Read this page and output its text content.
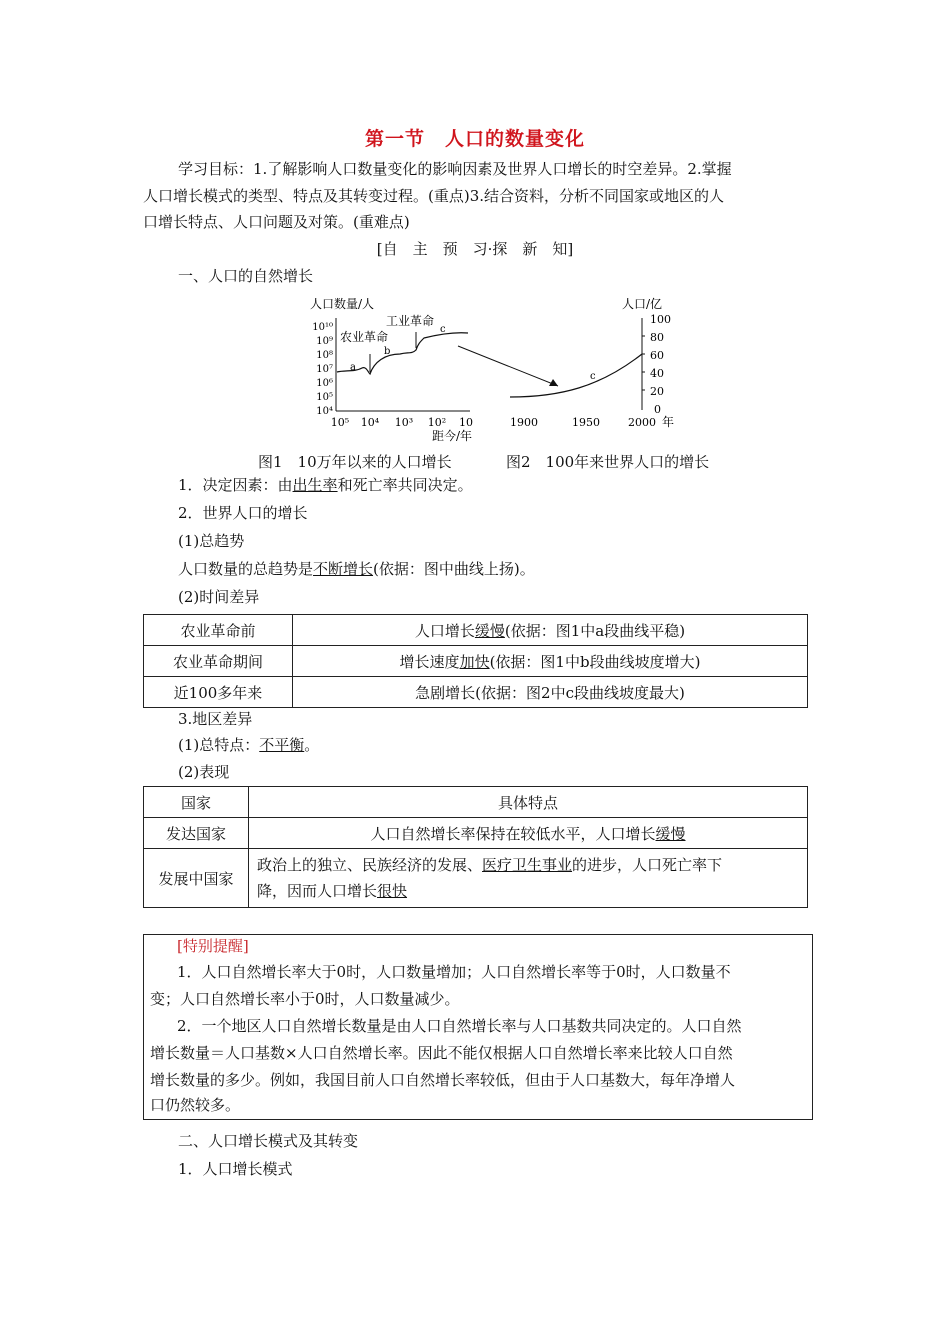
第一节　人口的数量变化
学习目标：1.了解影响人口数量变化的影响因素及世界人口增长的时空差异。2.掌握
人口增长模式的类型、特点及其转变过程。(重点)3.结合资料，分析不同国家或地区的人
口增长特点、人口问题及对策。(重难点)
[自　主　预　习·探　新　知]
一、人口的自然增长
人口数量/人
10¹⁰
10⁹
10⁸
10⁷
10⁶
10⁵
10⁴
10⁵ 10⁴ 10³ 10² 10
距今/年
农业革命
工业革命
a
b
c
人口/亿
100
80
60
40
20
0
c
1900	1950	2000 年
图1　10万年以来的人口增长	图2　100年来世界人口的增长
1．决定因素：由出生率和死亡率共同决定。
2．世界人口的增长
(1)总趋势
人口数量的总趋势是不断增长(依据：图中曲线上扬)。
(2)时间差异
农业革命前	人口增长缓慢(依据：图1中a段曲线平稳)
农业革命期间	增长速度加快(依据：图1中b段曲线坡度增大)
近100多年来	急剧增长(依据：图2中c段曲线坡度最大)
3.地区差异
(1)总特点：不平衡。
(2)表现
国家	具体特点
发达国家	人口自然增长率保持在较低水平，人口增长缓慢
发展中国家	政治上的独立、民族经济的发展、医疗卫生事业的进步，人口死亡率下
降，因而人口增长很快
[特别提醒]
1．人口自然增长率大于0时，人口数量增加；人口自然增长率等于0时，人口数量不
变；人口自然增长率小于0时，人口数量减少。
2．一个地区人口自然增长数量是由人口自然增长率与人口基数共同决定的。人口自然
增长数量＝人口基数×人口自然增长率。因此不能仅根据人口自然增长率来比较人口自然
增长数量的多少。例如，我国目前人口自然增长率较低，但由于人口基数大，每年净增人
口仍然较多。
二、人口增长模式及其转变
1．人口增长模式
